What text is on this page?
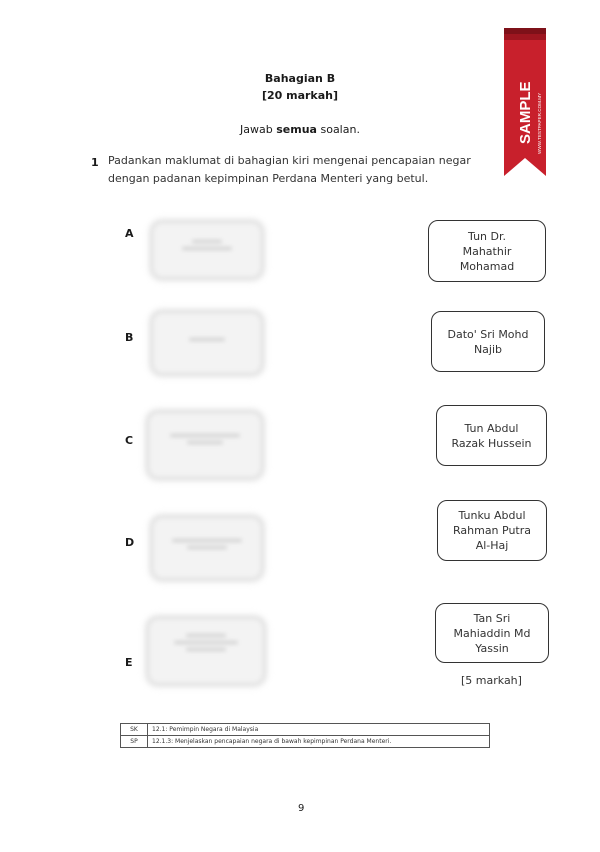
Bahagian B
[20 markah]
Jawab semua soalan.
1 Padankan maklumat di bahagian kiri mengenai pencapaian negar
dengan padanan kepimpinan Perdana Menteri yang betul.
A
B
C
D
E
Tun Dr.
Mahathir
Mohamad
Dato' Sri Mohd
Najib
Tun Abdul
Razak Hussein
Tunku Abdul
Rahman Putra
Al-Haj
Tan Sri
Mahiaddin Md
Yassin
[5 markah]
SK	12.1: Pemimpin Negara di Malaysia
SP	12.1.3: Menjelaskan pencapaian negara di bawah kepimpinan Perdana Menteri.
9
SAMPLE WWW.TESTPAPER.COM.MY
